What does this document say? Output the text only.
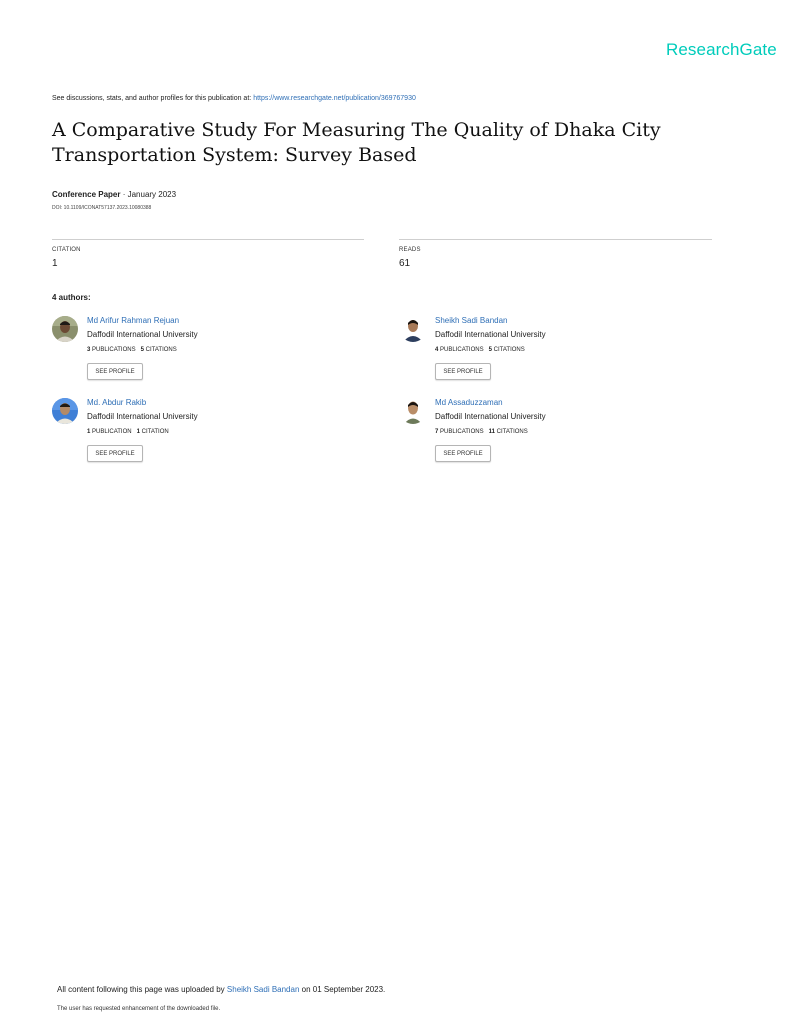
ResearchGate
See discussions, stats, and author profiles for this publication at: https://www.researchgate.net/publication/369767930
A Comparative Study For Measuring The Quality of Dhaka City Transportation System: Survey Based
Conference Paper · January 2023
DOI: 10.1109/ICONAT57137.2023.10080388
CITATION
1
READS
61
4 authors:
Md Arifur Rahman Rejuan
Daffodil International University
3 PUBLICATIONS 5 CITATIONS
SEE PROFILE
Sheikh Sadi Bandan
Daffodil International University
4 PUBLICATIONS 5 CITATIONS
SEE PROFILE
Md. Abdur Rakib
Daffodil International University
1 PUBLICATION 1 CITATION
SEE PROFILE
Md Assaduzzaman
Daffodil International University
7 PUBLICATIONS 11 CITATIONS
SEE PROFILE
All content following this page was uploaded by Sheikh Sadi Bandan on 01 September 2023.
The user has requested enhancement of the downloaded file.
